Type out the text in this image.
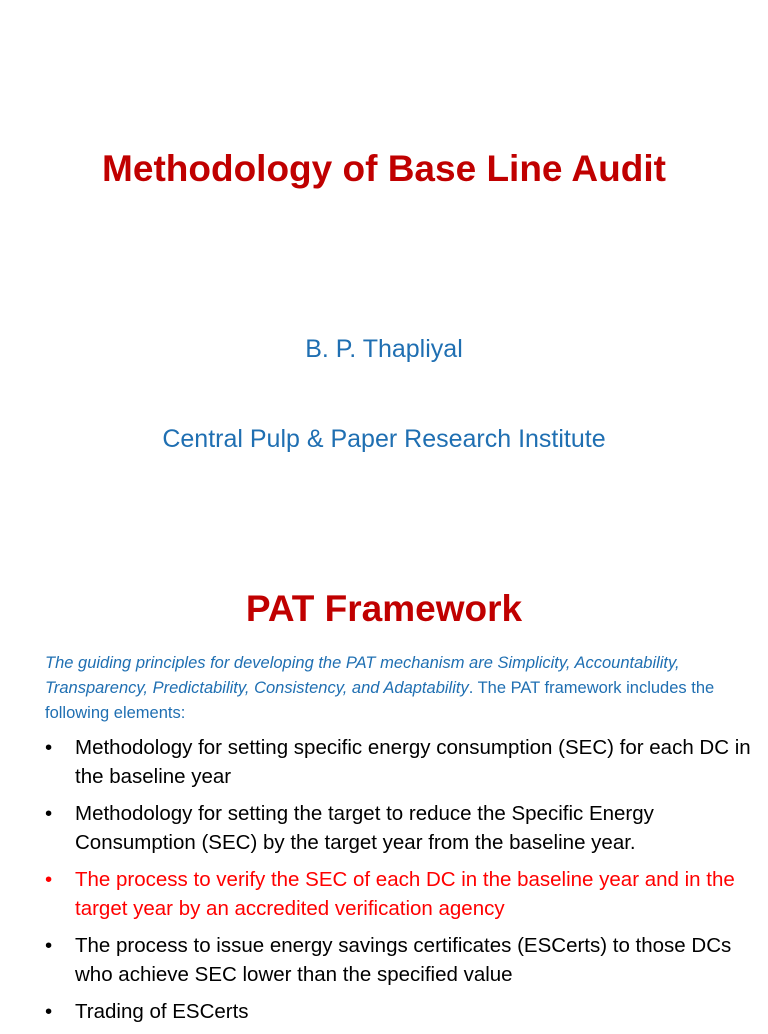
Methodology of Base Line Audit

B. P. Thapliyal

Central Pulp & Paper Research Institute

PAT Framework

The guiding principles for developing the PAT mechanism are Simplicity, Accountability, Transparency, Predictability, Consistency, and Adaptability. The PAT framework includes the following elements:

•	Methodology for setting specific energy consumption (SEC) for each DC in the baseline year
•	Methodology for setting the target to reduce the Specific Energy Consumption (SEC) by the target year from the baseline year.
•	The process to verify the SEC of each DC in the baseline year and in the target year by an accredited verification agency
•	The process to issue energy savings certificates (ESCerts) to those DCs who achieve SEC lower than the specified value
•	Trading of ESCerts
